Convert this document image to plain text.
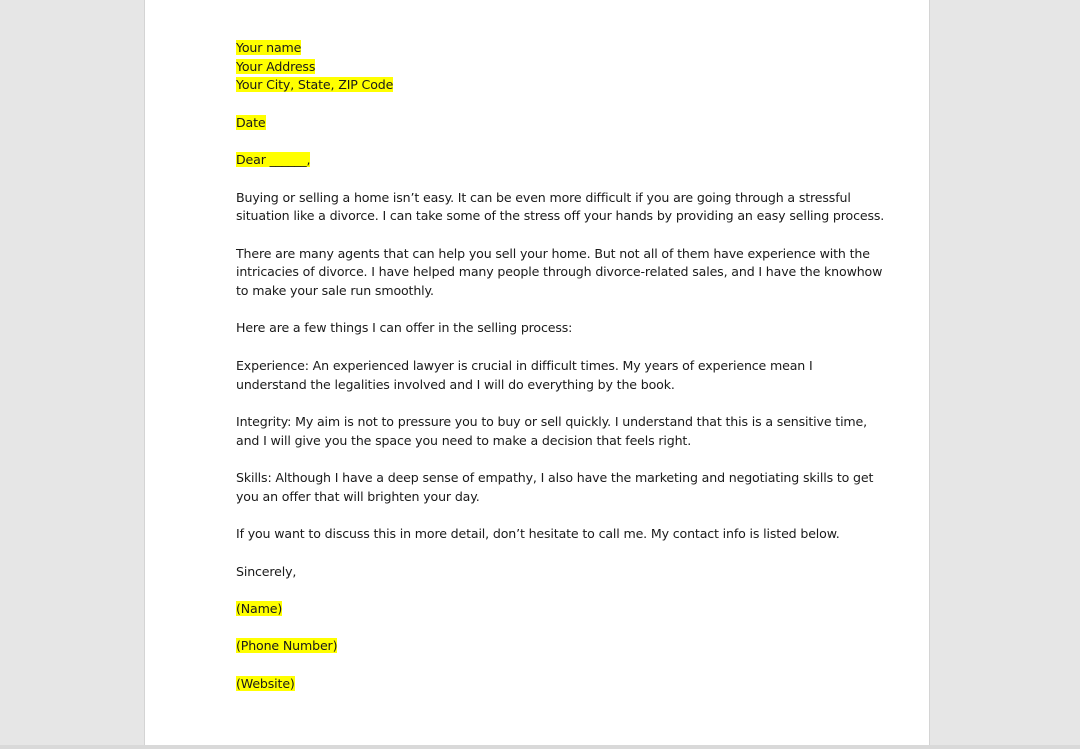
Your name
Your Address
Your City, State, ZIP Code
Date
Dear ______,
Buying or selling a home isn’t easy. It can be even more difficult if you are going through a stressful
situation like a divorce. I can take some of the stress off your hands by providing an easy selling process.
There are many agents that can help you sell your home. But not all of them have experience with the
intricacies of divorce. I have helped many people through divorce-related sales, and I have the knowhow
to make your sale run smoothly.
Here are a few things I can offer in the selling process:
Experience: An experienced lawyer is crucial in difficult times. My years of experience mean I
understand the legalities involved and I will do everything by the book.
Integrity: My aim is not to pressure you to buy or sell quickly. I understand that this is a sensitive time,
and I will give you the space you need to make a decision that feels right.
Skills: Although I have a deep sense of empathy, I also have the marketing and negotiating skills to get
you an offer that will brighten your day.
If you want to discuss this in more detail, don’t hesitate to call me. My contact info is listed below.
Sincerely,
(Name)
(Phone Number)
(Website)
